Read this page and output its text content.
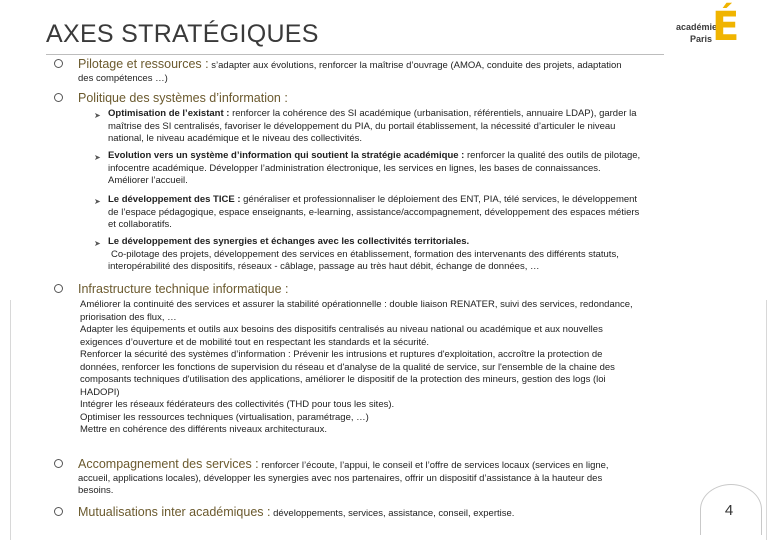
AXES STRATÉGIQUES	académie
Paris É
Pilotage et ressources : s’adapter aux évolutions, renforcer la maîtrise d’ouvrage (AMOA, conduite des projets, adaptation
des compétences …)
Politique des systèmes d’information :
➤ Optimisation de l’existant : renforcer la cohérence des SI académique (urbanisation, référentiels, annuaire LDAP), garder la
maîtrise des SI centralisés, favoriser le développement du PIA, du portail établissement, la nécessité d’articuler le niveau
national, le niveau académique et le niveau des collectivités.
➤ Evolution vers un système d’information qui soutient la stratégie académique : renforcer la qualité des outils de pilotage,
infocentre académique. Développer l’administration électronique, les services en lignes, les bases de connaissances.
Améliorer l’accueil.
➤ Le développement des TICE : généraliser et professionnaliser le déploiement des ENT, PIA, télé services, le développement
de l’espace pédagogique, espace enseignants, e-learning, assistance/accompagnement, développement des espaces métiers
et collaboratifs.
➤ Le développement des synergies et échanges avec les collectivités territoriales.
Co-pilotage des projets, développement des services en établissement, formation des intervenants des différents statuts,
interopérabilité des dispositifs, réseaux - câblage, passage au très haut débit, échange de données, …
Infrastructure technique informatique :
Améliorer la continuité des services et assurer la stabilité opérationnelle : double liaison RENATER, suivi des services, redondance,
priorisation des flux, …
Adapter les équipements et outils aux besoins des dispositifs centralisés au niveau national ou académique et aux nouvelles
exigences d’ouverture et de mobilité tout en respectant les standards et la sécurité.
Renforcer la sécurité des systèmes d’information : Prévenir les intrusions et ruptures d'exploitation, accroître la protection de
données, renforcer les fonctions de supervision du réseau et d'analyse de la qualité de service, sur l'ensemble de la chaine des
composants techniques d'utilisation des applications, améliorer le dispositif de la protection des mineurs, gestion des logs (loi
HADOPI)
Intégrer les réseaux fédérateurs des collectivités (THD pour tous les sites).
Optimiser les ressources techniques (virtualisation, paramétrage, …)
Mettre en cohérence des différents niveaux architecturaux.
Accompagnement des services : renforcer l’écoute, l’appui, le conseil et l’offre de services locaux (services en ligne,
accueil, applications locales), développer les synergies avec nos partenaires, offrir un dispositif d’assistance à la hauteur des
besoins.
Mutualisations inter académiques : développements, services, assistance, conseil, expertise.	4
